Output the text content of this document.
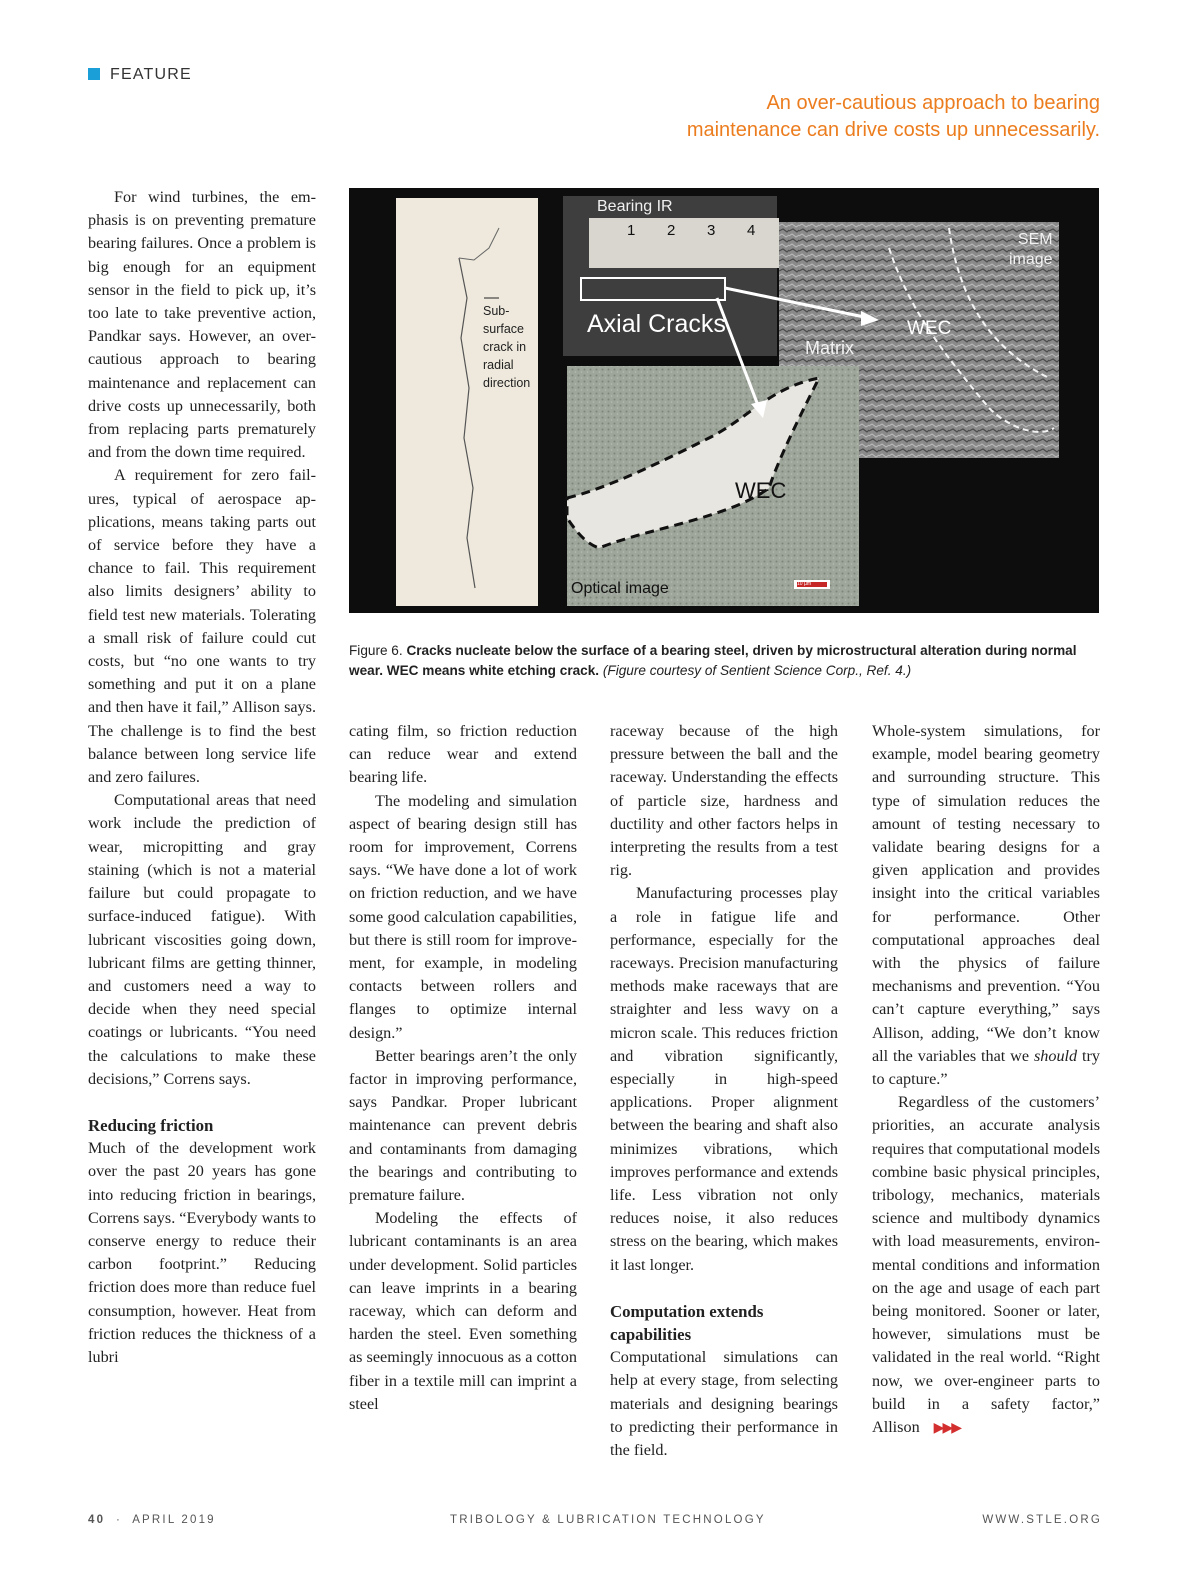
FEATURE
An over-cautious approach to bearing
maintenance can drive costs up unnecessarily.
1 2 3 4
Bearing IR
Axial Cracks
Matrix
WEC
SEM
image
WEC
Optical image
Sub-
surface
crack in
radial
direction
10 µm
Figure 6. Cracks nucleate below the surface of a bearing steel, driven by microstructural alteration during normal wear. WEC means white etching crack. (Figure courtesy of Sentient Science Corp., Ref. 4.)

For wind turbines, the emphasis is on preventing premature bearing failures. Once a problem is big enough for an equipment sensor in the field to pick up, it’s too late to take preventive action, Pandkar says. However, an over-cautious approach to bearing maintenance and replacement can drive costs up unnecessarily, both from replacing parts prematurely and from the down time required.

A requirement for zero failures, typical of aerospace applications, means taking parts out of service before they have a chance to fail. This requirement also limits designers’ ability to field test new materials. Tolerating a small risk of failure could cut costs, but “no one wants to try something and put it on a plane and then have it fail,” Allison says. The challenge is to find the best balance between long service life and zero failures.

Computational areas that need work include the prediction of wear, micropitting and gray staining (which is not a material failure but could propagate to surface-induced fatigue). With lubricant viscosities going down, lubricant films are getting thinner, and customers need a way to decide when they need special coatings or lubricants. “You need the calculations to make these decisions,” Correns says.

Reducing friction

Much of the development work over the past 20 years has gone into reducing friction in bearings, Correns says. “Everybody wants to conserve energy to reduce their carbon footprint.” Reducing friction does more than reduce fuel consumption, however. Heat from friction reduces the thickness of a lubri

cating film, so friction reduction can reduce wear and extend bearing life.

The modeling and simulation aspect of bearing design still has room for improvement, Correns says. “We have done a lot of work on friction reduction, and we have some good calculation capabilities, but there is still room for improvement, for example, in modeling contacts between rollers and flanges to optimize internal design.”

Better bearings aren’t the only factor in improving performance, says Pandkar. Proper lubricant maintenance can prevent debris and contaminants from damaging the bearings and contributing to premature failure.

Modeling the effects of lubricant contaminants is an area under development. Solid particles can leave imprints in a bearing raceway, which can deform and harden the steel. Even something as seemingly innocuous as a cotton fiber in a textile mill can imprint a steel

raceway because of the high pressure between the ball and the raceway. Understanding the effects of particle size, hardness and ductility and other factors helps in interpreting the results from a test rig.

Manufacturing processes play a role in fatigue life and performance, especially for the raceways. Precision manufacturing methods make raceways that are straighter and less wavy on a micron scale. This reduces friction and vibration significantly, especially in high-speed applications. Proper alignment between the bearing and shaft also minimizes vibrations, which improves performance and extends life. Less vibration not only reduces noise, it also reduces stress on the bearing, which makes it last longer.

Computation extends capabilities

Computational simulations can help at every stage, from selecting materials and designing bearings to predicting their performance in the field.

Whole-system simulations, for example, model bearing geometry and surrounding structure. This type of simulation reduces the amount of testing necessary to validate bearing designs for a given application and provides insight into the critical variables for performance. Other computational approaches deal with the physics of failure mechanisms and prevention. “You can’t capture everything,” says Allison, adding, “We don’t know all the variables that we should try to capture.”

Regardless of the customers’ priorities, an accurate analysis requires that computational models combine basic physical principles, tribology, mechanics, materials science and multibody dynamics with load measurements, environmental conditions and information on the age and usage of each part being monitored. Sooner or later, however, simulations must be validated in the real world. “Right now, we over-engineer parts to build in a safety factor,” Allison ▶▶▶

40 · APRIL 2019	TRIBOLOGY & LUBRICATION TECHNOLOGY	WWW.STLE.ORG
